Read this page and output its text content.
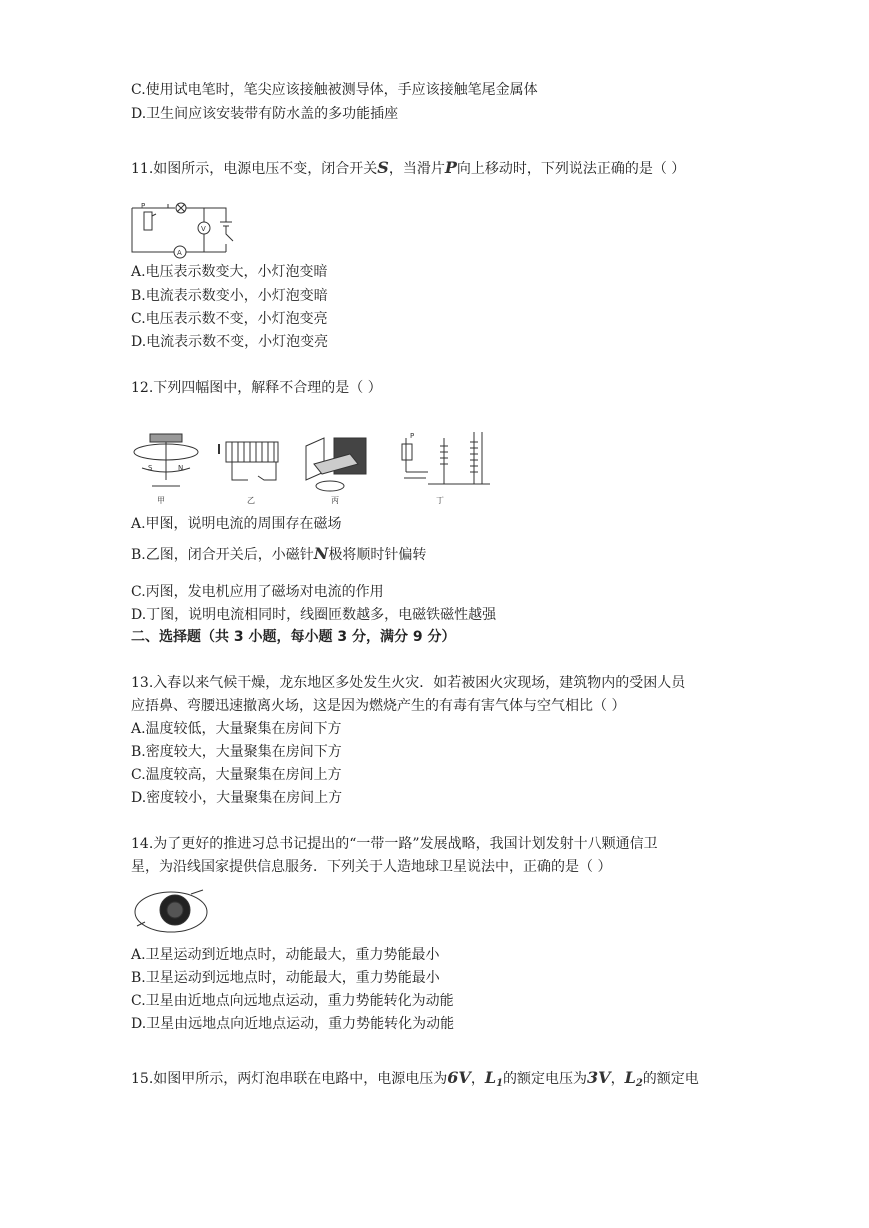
C.使用试电笔时，笔尖应该接触被测导体，手应该接触笔尾金属体
D.卫生间应该安装带有防水盖的多功能插座
11.如图所示，电源电压不变，闭合开关S，当滑片P向上移动时，下列说法正确的是（ ）
P
V
A
A.电压表示数变大，小灯泡变暗
B.电流表示数变小，小灯泡变暗
C.电压表示数不变，小灯泡变亮
D.电流表示数不变，小灯泡变亮
12.下列四幅图中，解释不合理的是（ ）
甲	乙	丙	丁
S	N
P
A.甲图，说明电流的周围存在磁场
B.乙图，闭合开关后，小磁针N极将顺时针偏转
C.丙图，发电机应用了磁场对电流的作用
D.丁图，说明电流相同时，线圈匝数越多，电磁铁磁性越强
二、选择题（共 3 小题，每小题 3 分，满分 9 分）
13.入春以来气候干燥，龙东地区多处发生火灾．如若被困火灾现场，建筑物内的受困人员
应捂鼻、弯腰迅速撤离火场，这是因为燃烧产生的有毒有害气体与空气相比（ ）
A.温度较低，大量聚集在房间下方
B.密度较大，大量聚集在房间下方
C.温度较高，大量聚集在房间上方
D.密度较小，大量聚集在房间上方
14.为了更好的推进习总书记提出的“一带一路”发展战略，我国计划发射十八颗通信卫
星，为沿线国家提供信息服务．下列关于人造地球卫星说法中，正确的是（ ）
A.卫星运动到近地点时，动能最大，重力势能最小
B.卫星运动到远地点时，动能最大，重力势能最小
C.卫星由近地点向远地点运动，重力势能转化为动能
D.卫星由远地点向近地点运动，重力势能转化为动能
15.如图甲所示，两灯泡串联在电路中，电源电压为6V，$L_1$的额定电压为3V，$L_2$的额定电
